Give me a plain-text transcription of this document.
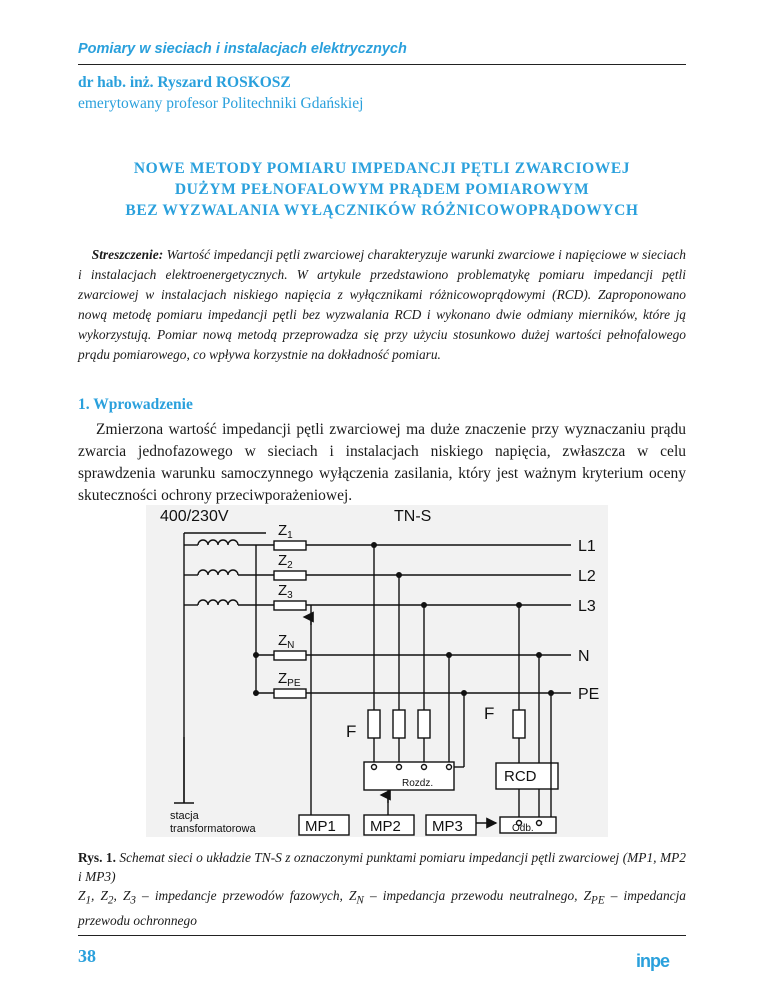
Pomiary w sieciach i instalacjach elektrycznych
dr hab. inż. Ryszard ROSKOSZ
emerytowany profesor Politechniki Gdańskiej
NOWE METODY POMIARU IMPEDANCJI PĘTLI ZWARCIOWEJ
DUŻYM PEŁNOFALOWYM PRĄDEM POMIAROWYM
BEZ WYZWALANIA WYŁĄCZNIKÓW RÓŻNICOWOPRĄDOWYCH
Streszczenie: Wartość impedancji pętli zwarciowej charakteryzuje warunki zwarciowe i napięciowe w sieciach i instalacjach elektroenergetycznych. W artykule przedstawiono problematykę pomiaru impedancji pętli zwarciowej w instalacjach niskiego napięcia z wyłącznikami różnicowoprądowymi (RCD). Zaproponowano nową metodę pomiaru impedancji pętli bez wyzwalania RCD i wykonano dwie odmiany mierników, które ją wykorzystują. Pomiar nową metodą przeprowadza się przy użyciu stosunkowo dużej wartości pełnofalowego prądu pomiarowego, co wpływa korzystnie na dokładność pomiaru.
1. Wprowadzenie
Zmierzona wartość impedancji pętli zwarciowej ma duże znaczenie przy wyznaczaniu prądu zwarcia jednofazowego w sieciach i instalacjach niskiego napięcia, zwłaszcza w celu sprawdzenia warunku samoczynnego wyłączenia zasilania, który jest ważnym kryterium oceny skuteczności ochrony przeciwporażeniowej.
400/230V	TN-S
L1
L2
L3
N
PE
$Z_1$
$Z_2$
$Z_3$
$Z_N$
$Z_{PE}$
F
F
RCD
Rozdz.
Odb.
stacja
transformatorowa	MP1 MP2 MP3
Rys. 1. Schemat sieci o układzie TN-S z oznaczonymi punktami pomiaru impedancji pętli zwarciowej (MP1, MP2 i MP3)
$Z_1$, $Z_2$, $Z_3$ – impedancje przewodów fazowych, $Z_N$ – impedancja przewodu neutralnego, $Z_{PE}$ – impedancja przewodu ochronnego
38	inpe
